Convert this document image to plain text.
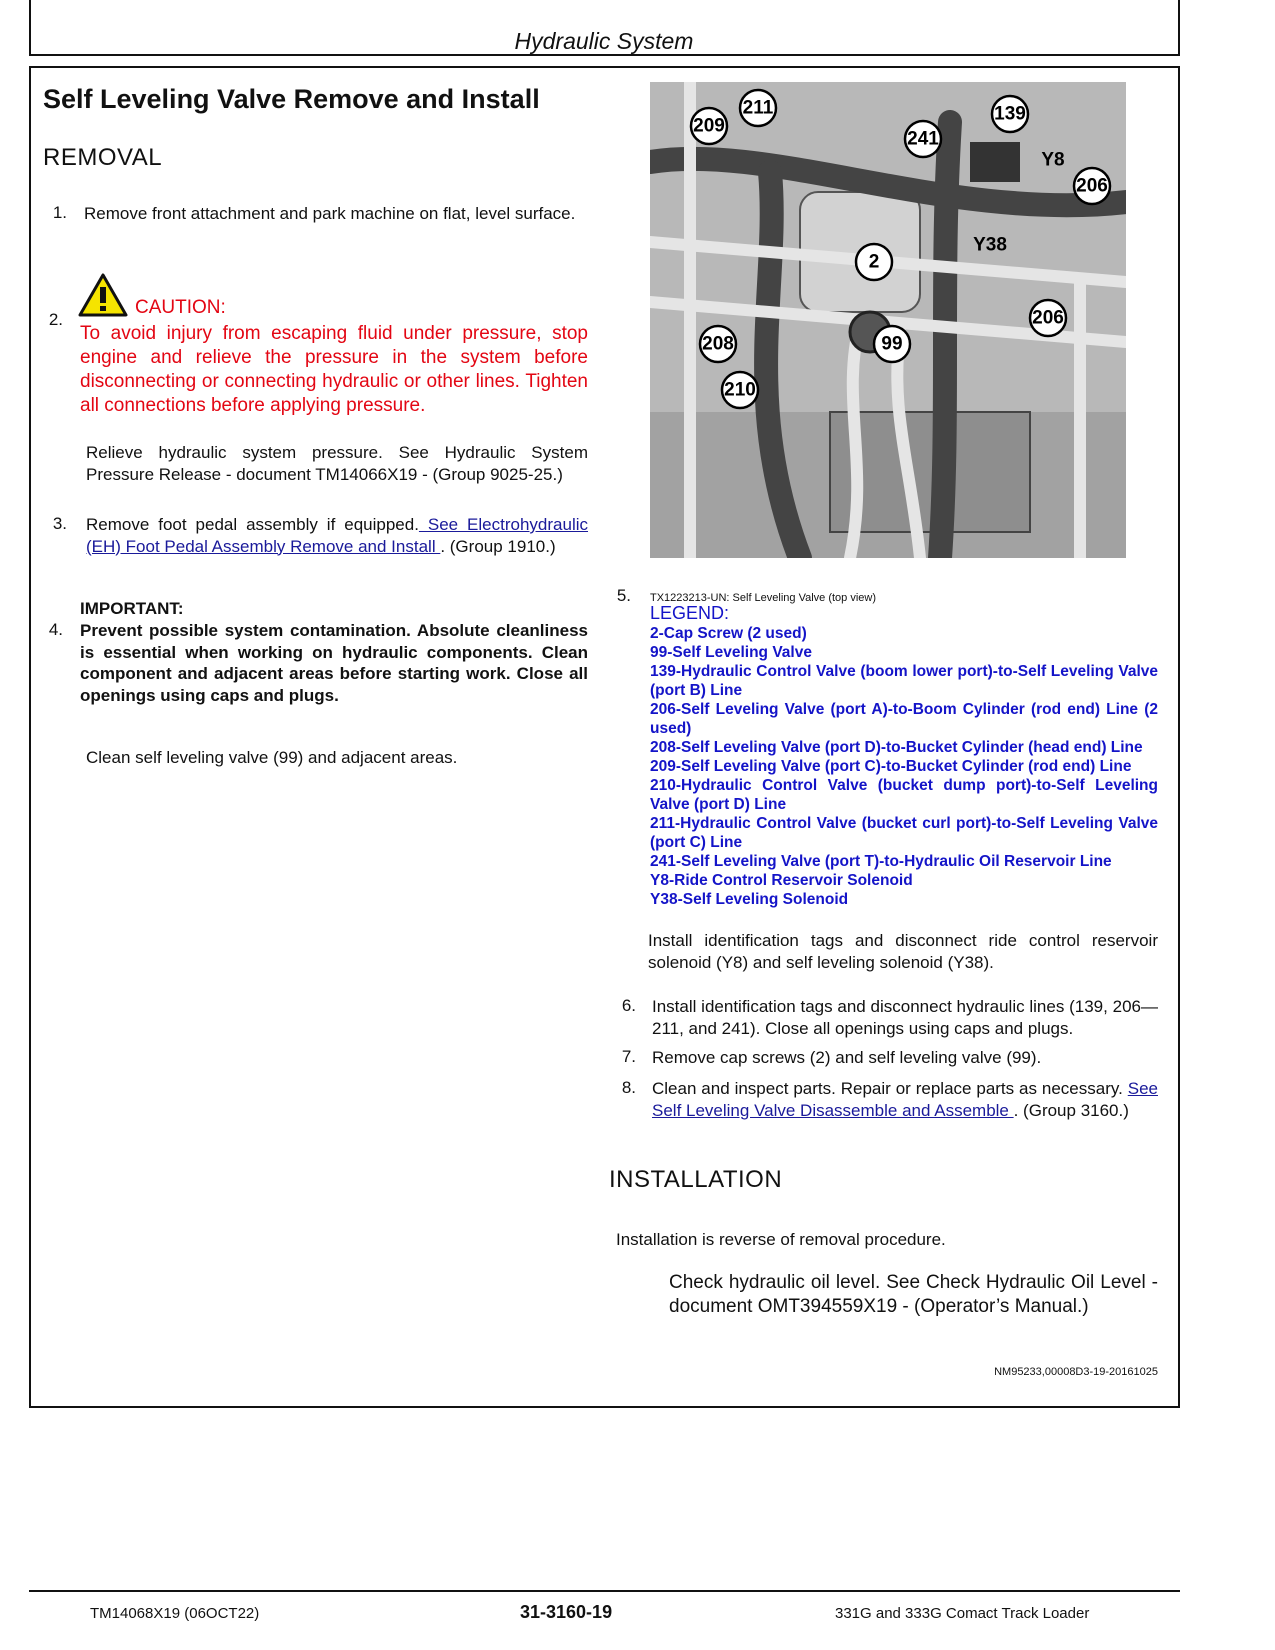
Hydraulic System
Self Leveling Valve Remove and Install
REMOVAL
1. Remove front attachment and park machine on flat, level surface.
2.
CAUTION:
To avoid injury from escaping fluid under pressure, stop engine and relieve the pressure in the system before disconnecting or connecting hydraulic or other lines. Tighten all connections before applying pressure.
Relieve hydraulic system pressure. See Hydraulic System Pressure Release - document TM14066X19 - (Group 9025-25.)
3. Remove foot pedal assembly if equipped. See Electrohydraulic (EH) Foot Pedal Assembly Remove and Install . (Group 1910.)
IMPORTANT:
4. Prevent possible system contamination. Absolute cleanliness is essential when working on hydraulic components. Clean component and adjacent areas before starting work. Close all openings using caps and plugs.
Clean self leveling valve (99) and adjacent areas.
209
211
241
139
Y8
206
Y38
2
206
208	99
210
5. TX1223213-UN: Self Leveling Valve (top view)
LEGEND:
2-Cap Screw (2 used)
99-Self Leveling Valve
139-Hydraulic Control Valve (boom lower port)-to-Self Leveling Valve (port B) Line
206-Self Leveling Valve (port A)-to-Boom Cylinder (rod end) Line (2 used)
208-Self Leveling Valve (port D)-to-Bucket Cylinder (head end) Line
209-Self Leveling Valve (port C)-to-Bucket Cylinder (rod end) Line
210-Hydraulic Control Valve (bucket dump port)-to-Self Leveling Valve (port D) Line
211-Hydraulic Control Valve (bucket curl port)-to-Self Leveling Valve (port C) Line
241-Self Leveling Valve (port T)-to-Hydraulic Oil Reservoir Line
Y8-Ride Control Reservoir Solenoid
Y38-Self Leveling Solenoid
Install identification tags and disconnect ride control reservoir solenoid (Y8) and self leveling solenoid (Y38).
6. Install identification tags and disconnect hydraulic lines (139, 206—211, and 241). Close all openings using caps and plugs.
7. Remove cap screws (2) and self leveling valve (99).
8. Clean and inspect parts. Repair or replace parts as necessary. See Self Leveling Valve Disassemble and Assemble . (Group 3160.)
INSTALLATION
Installation is reverse of removal procedure.
Check hydraulic oil level. See Check Hydraulic Oil Level - document OMT394559X19 - (Operator’s Manual.)
NM95233,00008D3-19-20161025
TM14068X19 (06OCT22)	31-3160-19	331G and 333G Comact Track Loader
